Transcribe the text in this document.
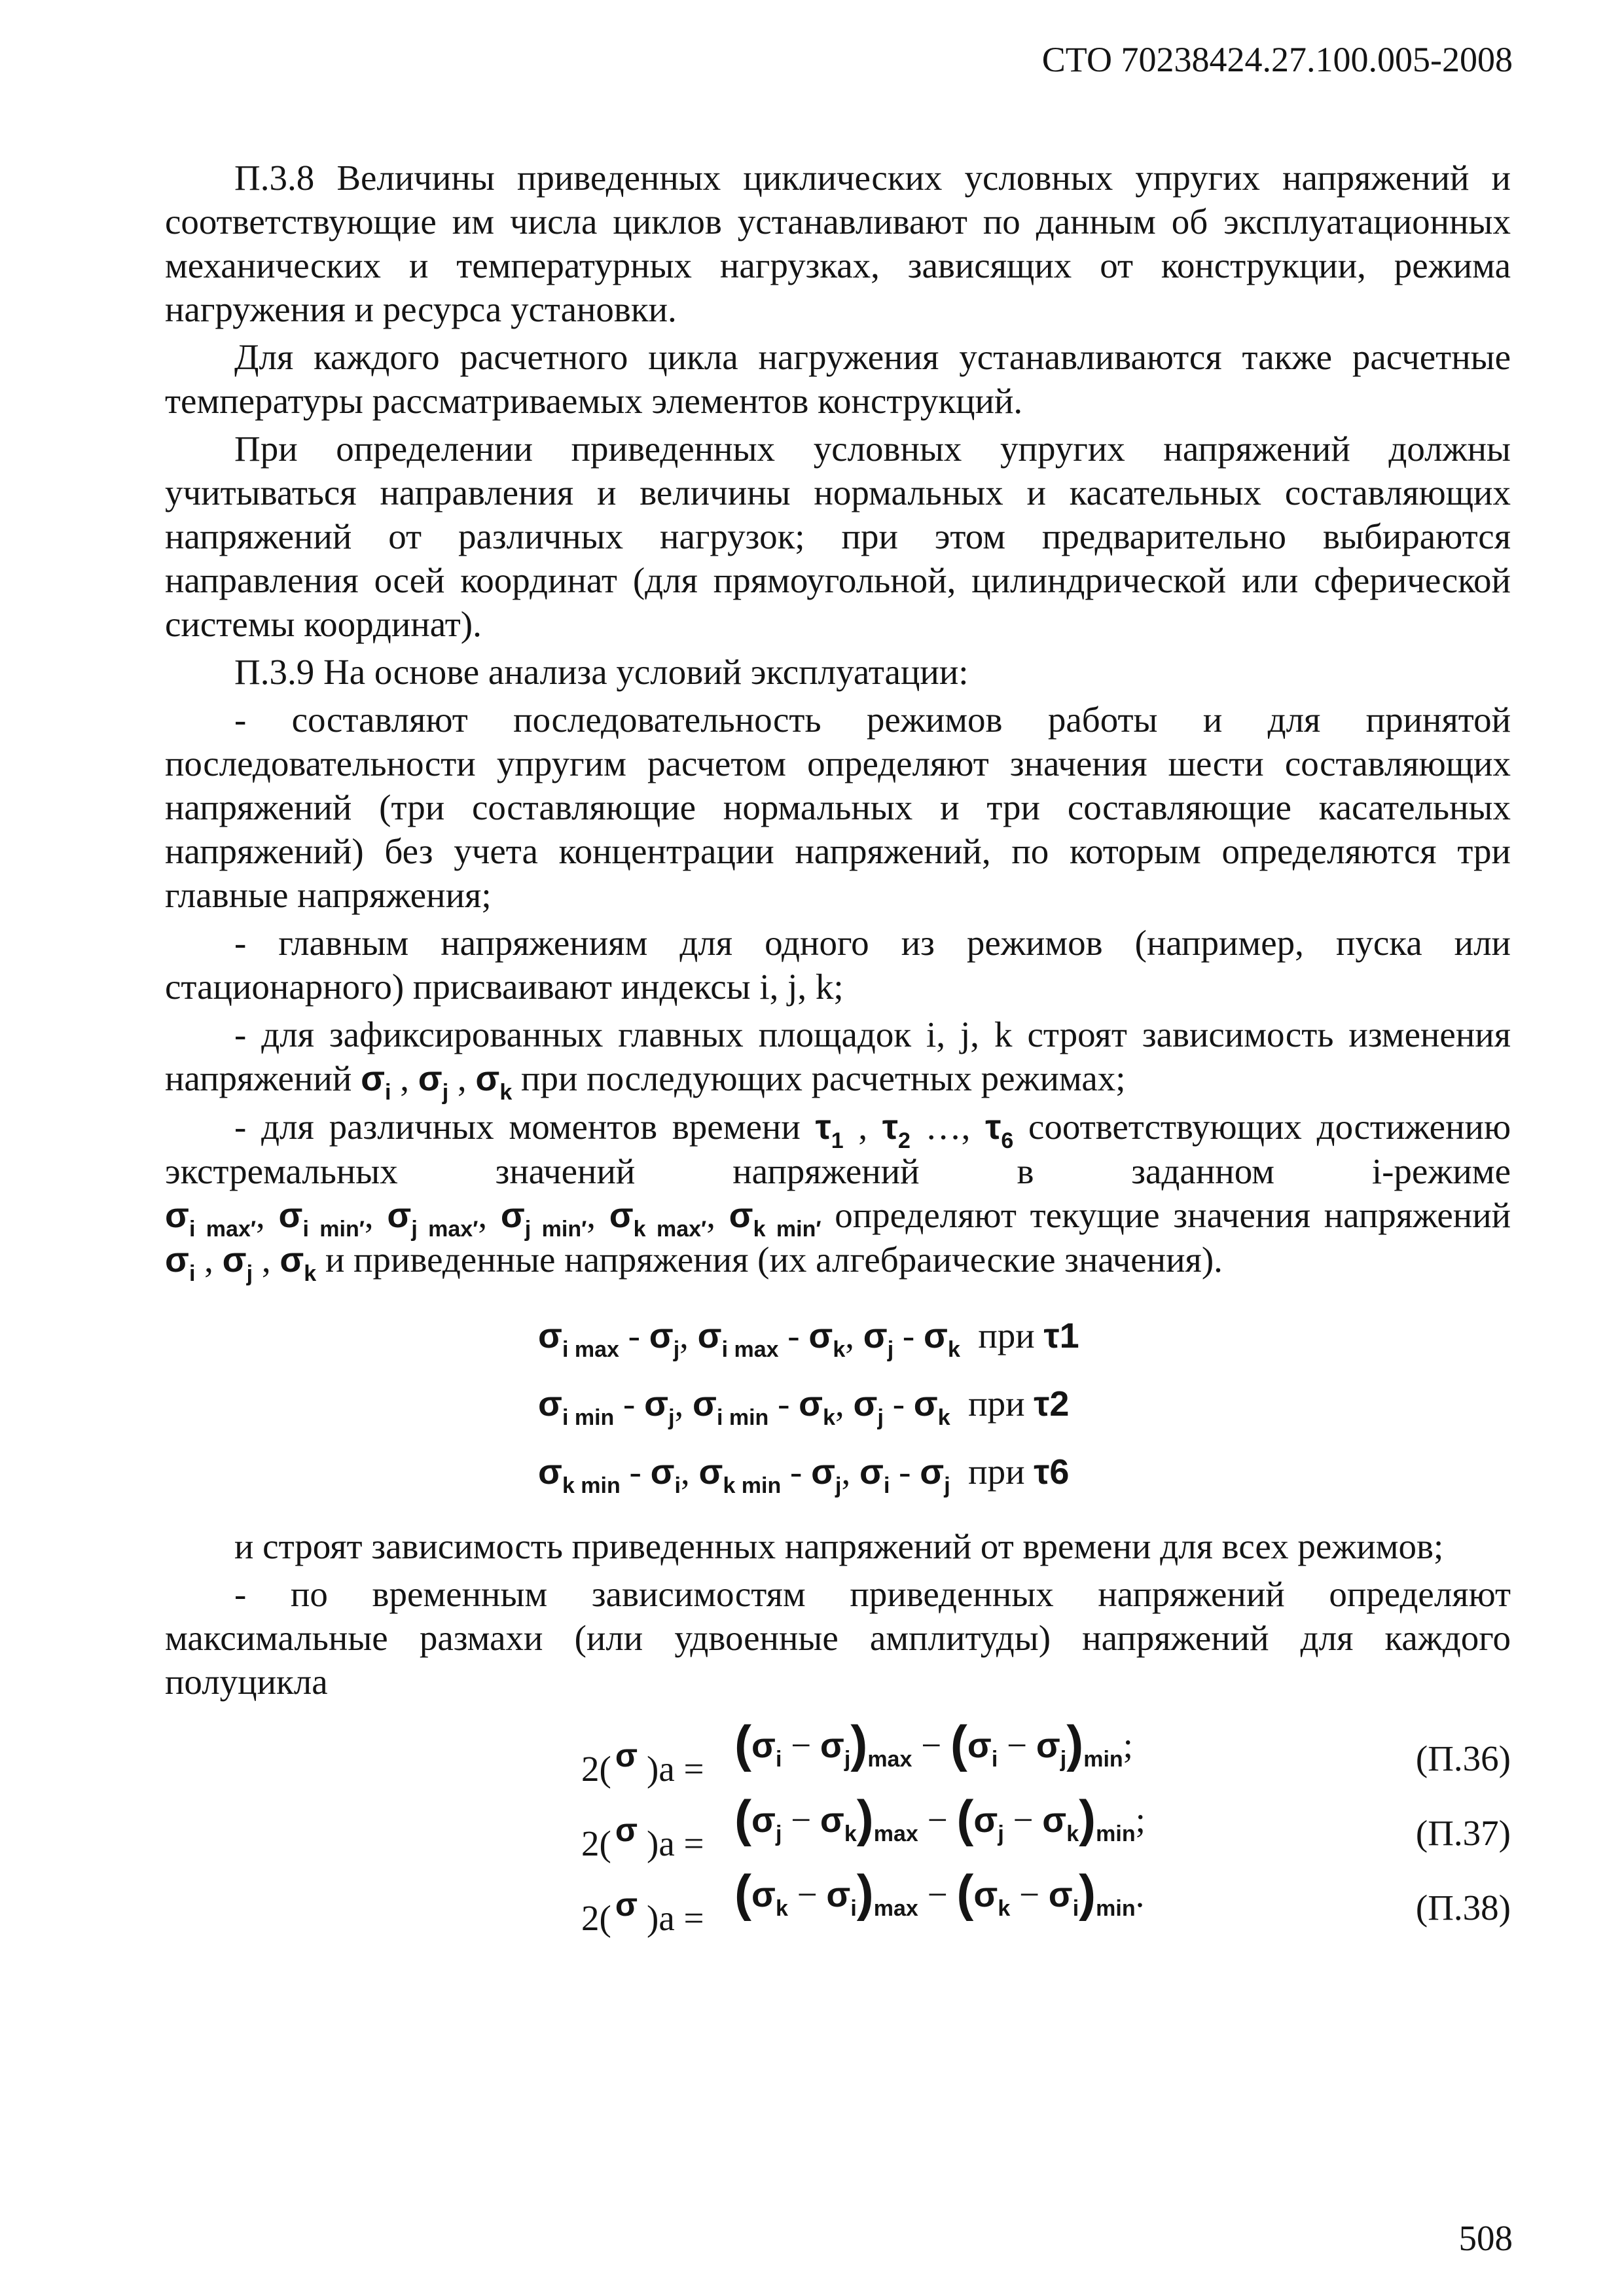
СТО 70238424.27.100.005-2008

П.3.8 Величины приведенных циклических условных упругих напряжений и соответствующие им числа циклов устанавливают по данным об эксплуатационных механических и температурных нагрузках, зависящих от конструкции, режима нагружения и ресурса установки.

Для каждого расчетного цикла нагружения устанавливаются также расчетные температуры рассматриваемых элементов конструкций.

При определении приведенных условных упругих напряжений должны учитываться направления и величины нормальных и касательных составляющих напряжений от различных нагрузок; при этом предварительно выбираются направления осей координат (для прямоугольной, цилиндрической или сферической системы координат).

П.3.9 На основе анализа условий эксплуатации:

- составляют последовательность режимов работы и для принятой последовательности упругим расчетом определяют значения шести составляющих напряжений (три составляющие нормальных и три составляющие касательных напряжений) без учета концентрации напряжений, по которым определяются три главные напряжения;

- главным напряжениям для одного из режимов (например, пуска или стационарного) присваивают индексы i, j, k;

- для зафиксированных главных площадок i, j, k строят зависимость изменения напряжений $\sigma_i$ , $\sigma_j$ , $\sigma_k$ при последующих расчетных режимах;

- для различных моментов времени $\tau_1$ , $\tau_2$ …, $\tau_6$ соответствующих достижению экстремальных значений напряжений в заданном i-режиме $\sigma_{i max'}$, $\sigma_{i min'}$, $\sigma_{j max'}$, $\sigma_{j min'}$, $\sigma_{k max'}$, $\sigma_{k min'}$ определяют текущие значения напряжений $\sigma_i$ , $\sigma_j$ , $\sigma_k$ и приведенные напряжения (их алгебраические значения).

$\sigma_{i max} - \sigma_j$, $\sigma_{i max} - \sigma_k$, $\sigma_j - \sigma_k$ при τ1
$\sigma_{i min} - \sigma_j$, $\sigma_{i min} - \sigma_k$, $\sigma_j - \sigma_k$ при τ2
$\sigma_{k min} - \sigma_i$, $\sigma_{k min} - \sigma_j$, $\sigma_i - \sigma_j$ при τ6

и строят зависимость приведенных напряжений от времени для всех режимов;

- по временным зависимостям приведенных напряжений определяют максимальные размахи (или удвоенные амплитуды) напряжений для каждого полуцикла

2( σ )$a = (\sigma_i - \sigma_j)_{max} - (\sigma_i - \sigma_j)_{min}$;	(П.36)
2( σ )$a = (\sigma_j - \sigma_k)_{max} - (\sigma_j - \sigma_k)_{min}$;	(П.37)
2( σ )$a = (\sigma_k - \sigma_i)_{max} - (\sigma_k - \sigma_i)_{min}$.	(П.38)
508
